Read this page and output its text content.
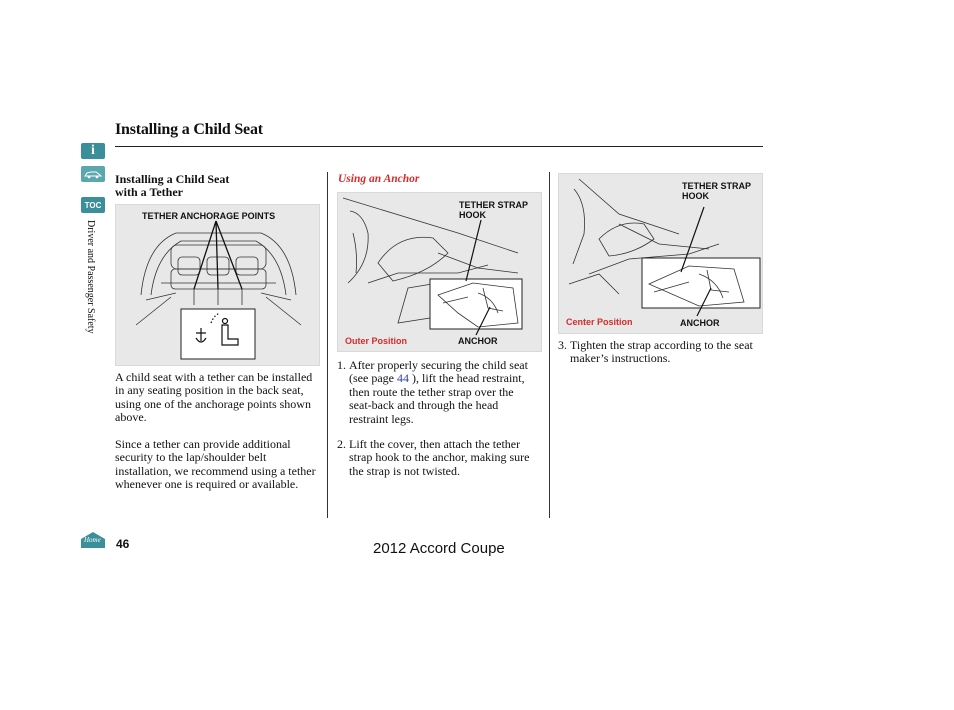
i
TOC
Driver and Passenger Safety
Installing a Child Seat
Installing a Child Seat
with a Tether
TETHER ANCHORAGE POINTS
A child seat with a tether can be installed in any seating position in the back seat, using one of the anchorage points shown above.
Since a tether can provide additional security to the lap/shoulder belt installation, we recommend using a tether whenever one is required or available.
Using an Anchor
TETHER STRAP HOOK
Outer Position	ANCHOR
1. After properly securing the child seat (see page 44 ), lift the head restraint, then route the tether strap over the seat-back and through the head restraint legs.
2. Lift the cover, then attach the tether strap hook to the anchor, making sure the strap is not twisted.
TETHER STRAP HOOK
Center Position	ANCHOR
3. Tighten the strap according to the seat maker’s instructions.
Home 46	2012 Accord Coupe
